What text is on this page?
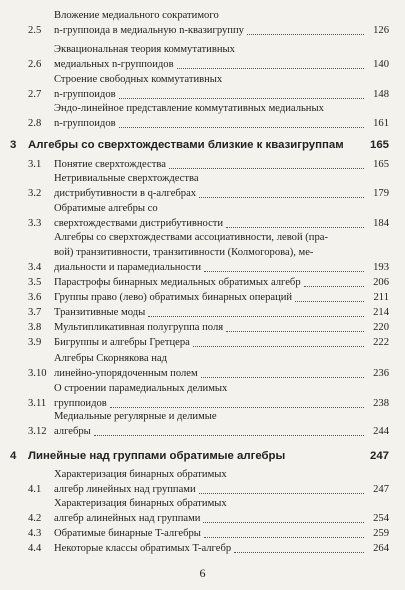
2.5
Вложение медиального сократимого
n-группоида в медиальную n-квазигруппу	126
2.6
Эквациональная теория коммутативных
медиальных n-группоидов	140
2.7
Строение свободных коммутативных
n-группоидов	148
2.8
Эндо-линейное представление коммутативных медиальных
n-группоидов	161
3	Алгебры со сверхтождествами близкие к квазигруппам	165
3.1	Понятие сверхтождества	165
3.2
Нетривиальные сверхтождества
дистрибутивности в q-алгебрах	179
3.3
Обратимые алгебры со
сверхтождествами дистрибутивности	184
3.4
Алгебры со сверхтождествами ассоциативности, левой (пра-
вой) транзитивности, транзитивности (Колмогорова), ме-
диальности и парамедиальности	193
3.5	Парастрофы бинарных медиальных обратимых алгебр	206
3.6	Группы право (лево) обратимых бинарных операций	211
3.7	Транзитивные моды	214
3.8	Мультипликативная полугруппа поля	220
3.9	Бигруппы и алгебры Гретцера	222
3.10
Алгебры Скорнякова над
линейно-упорядоченным полем	236
3.11
О строении парамедиальных делимых
группоидов	238
3.12
Медиальные регулярные и делимые
алгебры	244
4	Линейные над группами обратимые алгебры	247
4.1
Характеризация бинарных обратимых
алгебр линейных над группами	247
4.2
Характеризация бинарных обратимых
алгебр алинейных над группами	254
4.3	Обратимые бинарные T-алгебры	259
4.4	Некоторые классы обратимых T-алгебр	264
6
